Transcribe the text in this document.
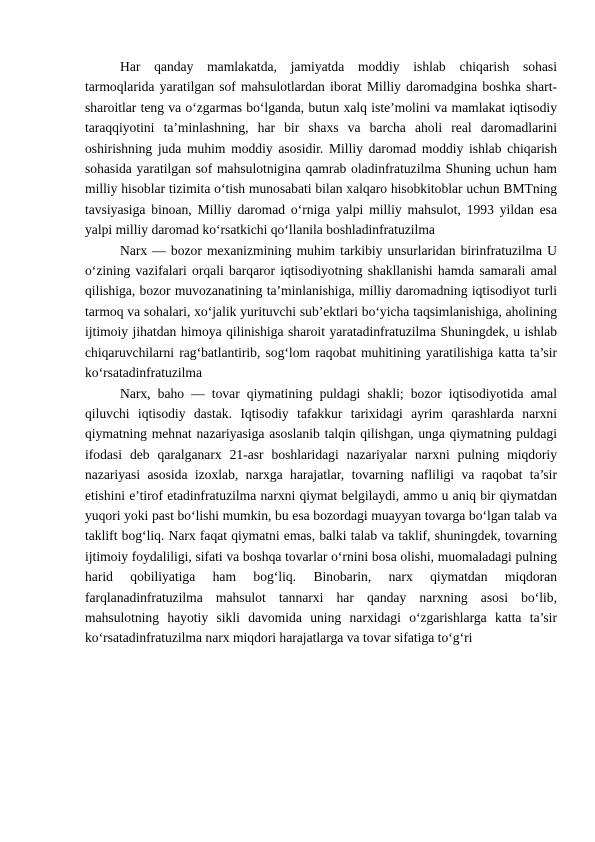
Har qanday mamlakatda, jamiyatda moddiy ishlab chiqarish sohasi tarmoqlarida yaratilgan sof mahsulotlardan iborat Milliy daromadgina boshka shart-sharoitlar teng va o‘zgarmas bo‘lganda, butun xalq iste’molini va mamlakat iqtisodiy taraqqiyotini ta’minlashning, har bir shaxs va barcha aholi real daromadlarini oshirishning juda muhim moddiy asosidir. Milliy daromad moddiy ishlab chiqarish sohasida yaratilgan sof mahsulotnigina qamrab oladinfratuzilma Shuning uchun ham milliy hisoblar tizimita o‘tish munosabati bilan xalqaro hisobkitoblar uchun BMTning tavsiyasiga binoan, Milliy daromad o‘rniga yalpi milliy mahsulot, 1993 yildan esa yalpi milliy daromad ko‘rsatkichi qo‘llanila boshladinfratuzilma

Narx — bozor mexanizmining muhim tarkibiy unsurlaridan birinfratuzilma U o‘zining vazifalari orqali barqaror iqtisodiyotning shakllanishi hamda samarali amal qilishiga, bozor muvozanatining ta’minlanishiga, milliy daromadning iqtisodiyot turli tarmoq va sohalari, xo‘jalik yurituvchi sub’ektlari bo‘yicha taqsimlanishiga, aholining ijtimoiy jihatdan himoya qilinishiga sharoit yaratadinfratuzilma Shuningdek, u ishlab chiqaruvchilarni rag‘batlantirib, sog‘lom raqobat muhitining yaratilishiga katta ta’sir ko‘rsatadinfratuzilma

Narx, baho — tovar qiymatining puldagi shakli; bozor iqtisodiyotida amal qiluvchi iqtisodiy dastak. Iqtisodiy tafakkur tarixidagi ayrim qarashlarda narxni qiymatning mehnat nazariyasiga asoslanib talqin qilishgan, unga qiymatning puldagi ifodasi deb qaralganarx 21-asr boshlaridagi nazariyalar narxni pulning miqdoriy nazariyasi asosida izoxlab, narxga harajatlar, tovarning nafliligi va raqobat ta’sir etishini e’tirof etadinfratuzilma narxni qiymat belgilaydi, ammo u aniq bir qiymatdan yuqori yoki past bo‘lishi mumkin, bu esa bozordagi muayyan tovarga bo‘lgan talab va taklift bog‘liq. Narx faqat qiymatni emas, balki talab va taklif, shuningdek, tovarning ijtimoiy foydaliligi, sifati va boshqa tovarlar o‘rnini bosa olishi, muomaladagi pulning harid qobiliyatiga ham bog‘liq. Binobarin, narx qiymatdan miqdoran farqlanadinfratuzilma mahsulot tannarxi har qanday narxning asosi bo‘lib, mahsulotning hayotiy sikli davomida uning narxidagi o‘zgarishlarga katta ta’sir ko‘rsatadinfratuzilma narx miqdori harajatlarga va tovar sifatiga to‘g‘ri
